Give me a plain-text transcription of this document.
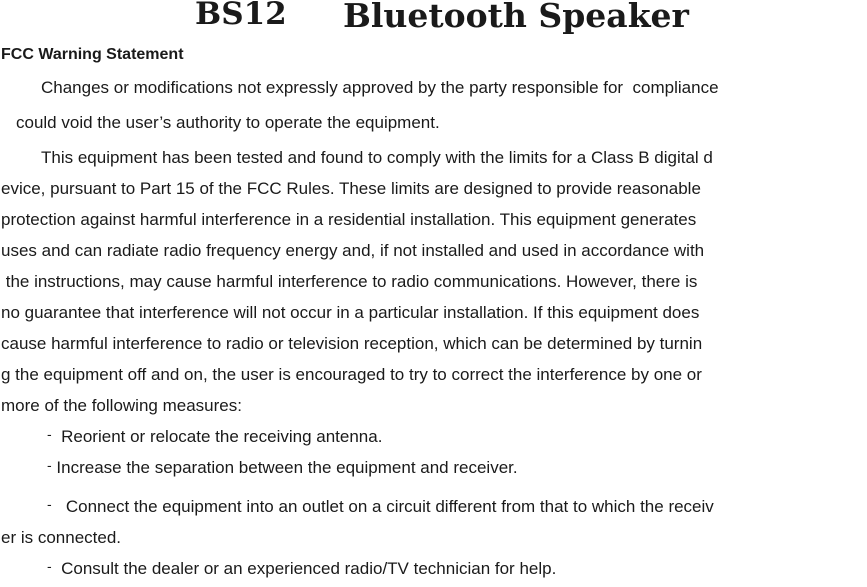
BS12 Bluetooth Speaker
FCC Warning Statement
Changes or modifications not expressly approved by the party responsible for  compliance
could void the user’s authority to operate the equipment.
This equipment has been tested and found to comply with the limits for a Class B digital d
evice, pursuant to Part 15 of the FCC Rules. These limits are designed to provide reasonable
protection against harmful interference in a residential installation. This equipment generates
uses and can radiate radio frequency energy and, if not installed and used in accordance with
the instructions, may cause harmful interference to radio communications. However, there is
no guarantee that interference will not occur in a particular installation. If this equipment does
cause harmful interference to radio or television reception, which can be determined by turnin
g the equipment off and on, the user is encouraged to try to correct the interference by one or
more of the following measures:
- Reorient or relocate the receiving antenna.
- Increase the separation between the equipment and receiver.
- Connect the equipment into an outlet on a circuit different from that to which the receiv
er is connected.
- Consult the dealer or an experienced radio/TV technician for help.
